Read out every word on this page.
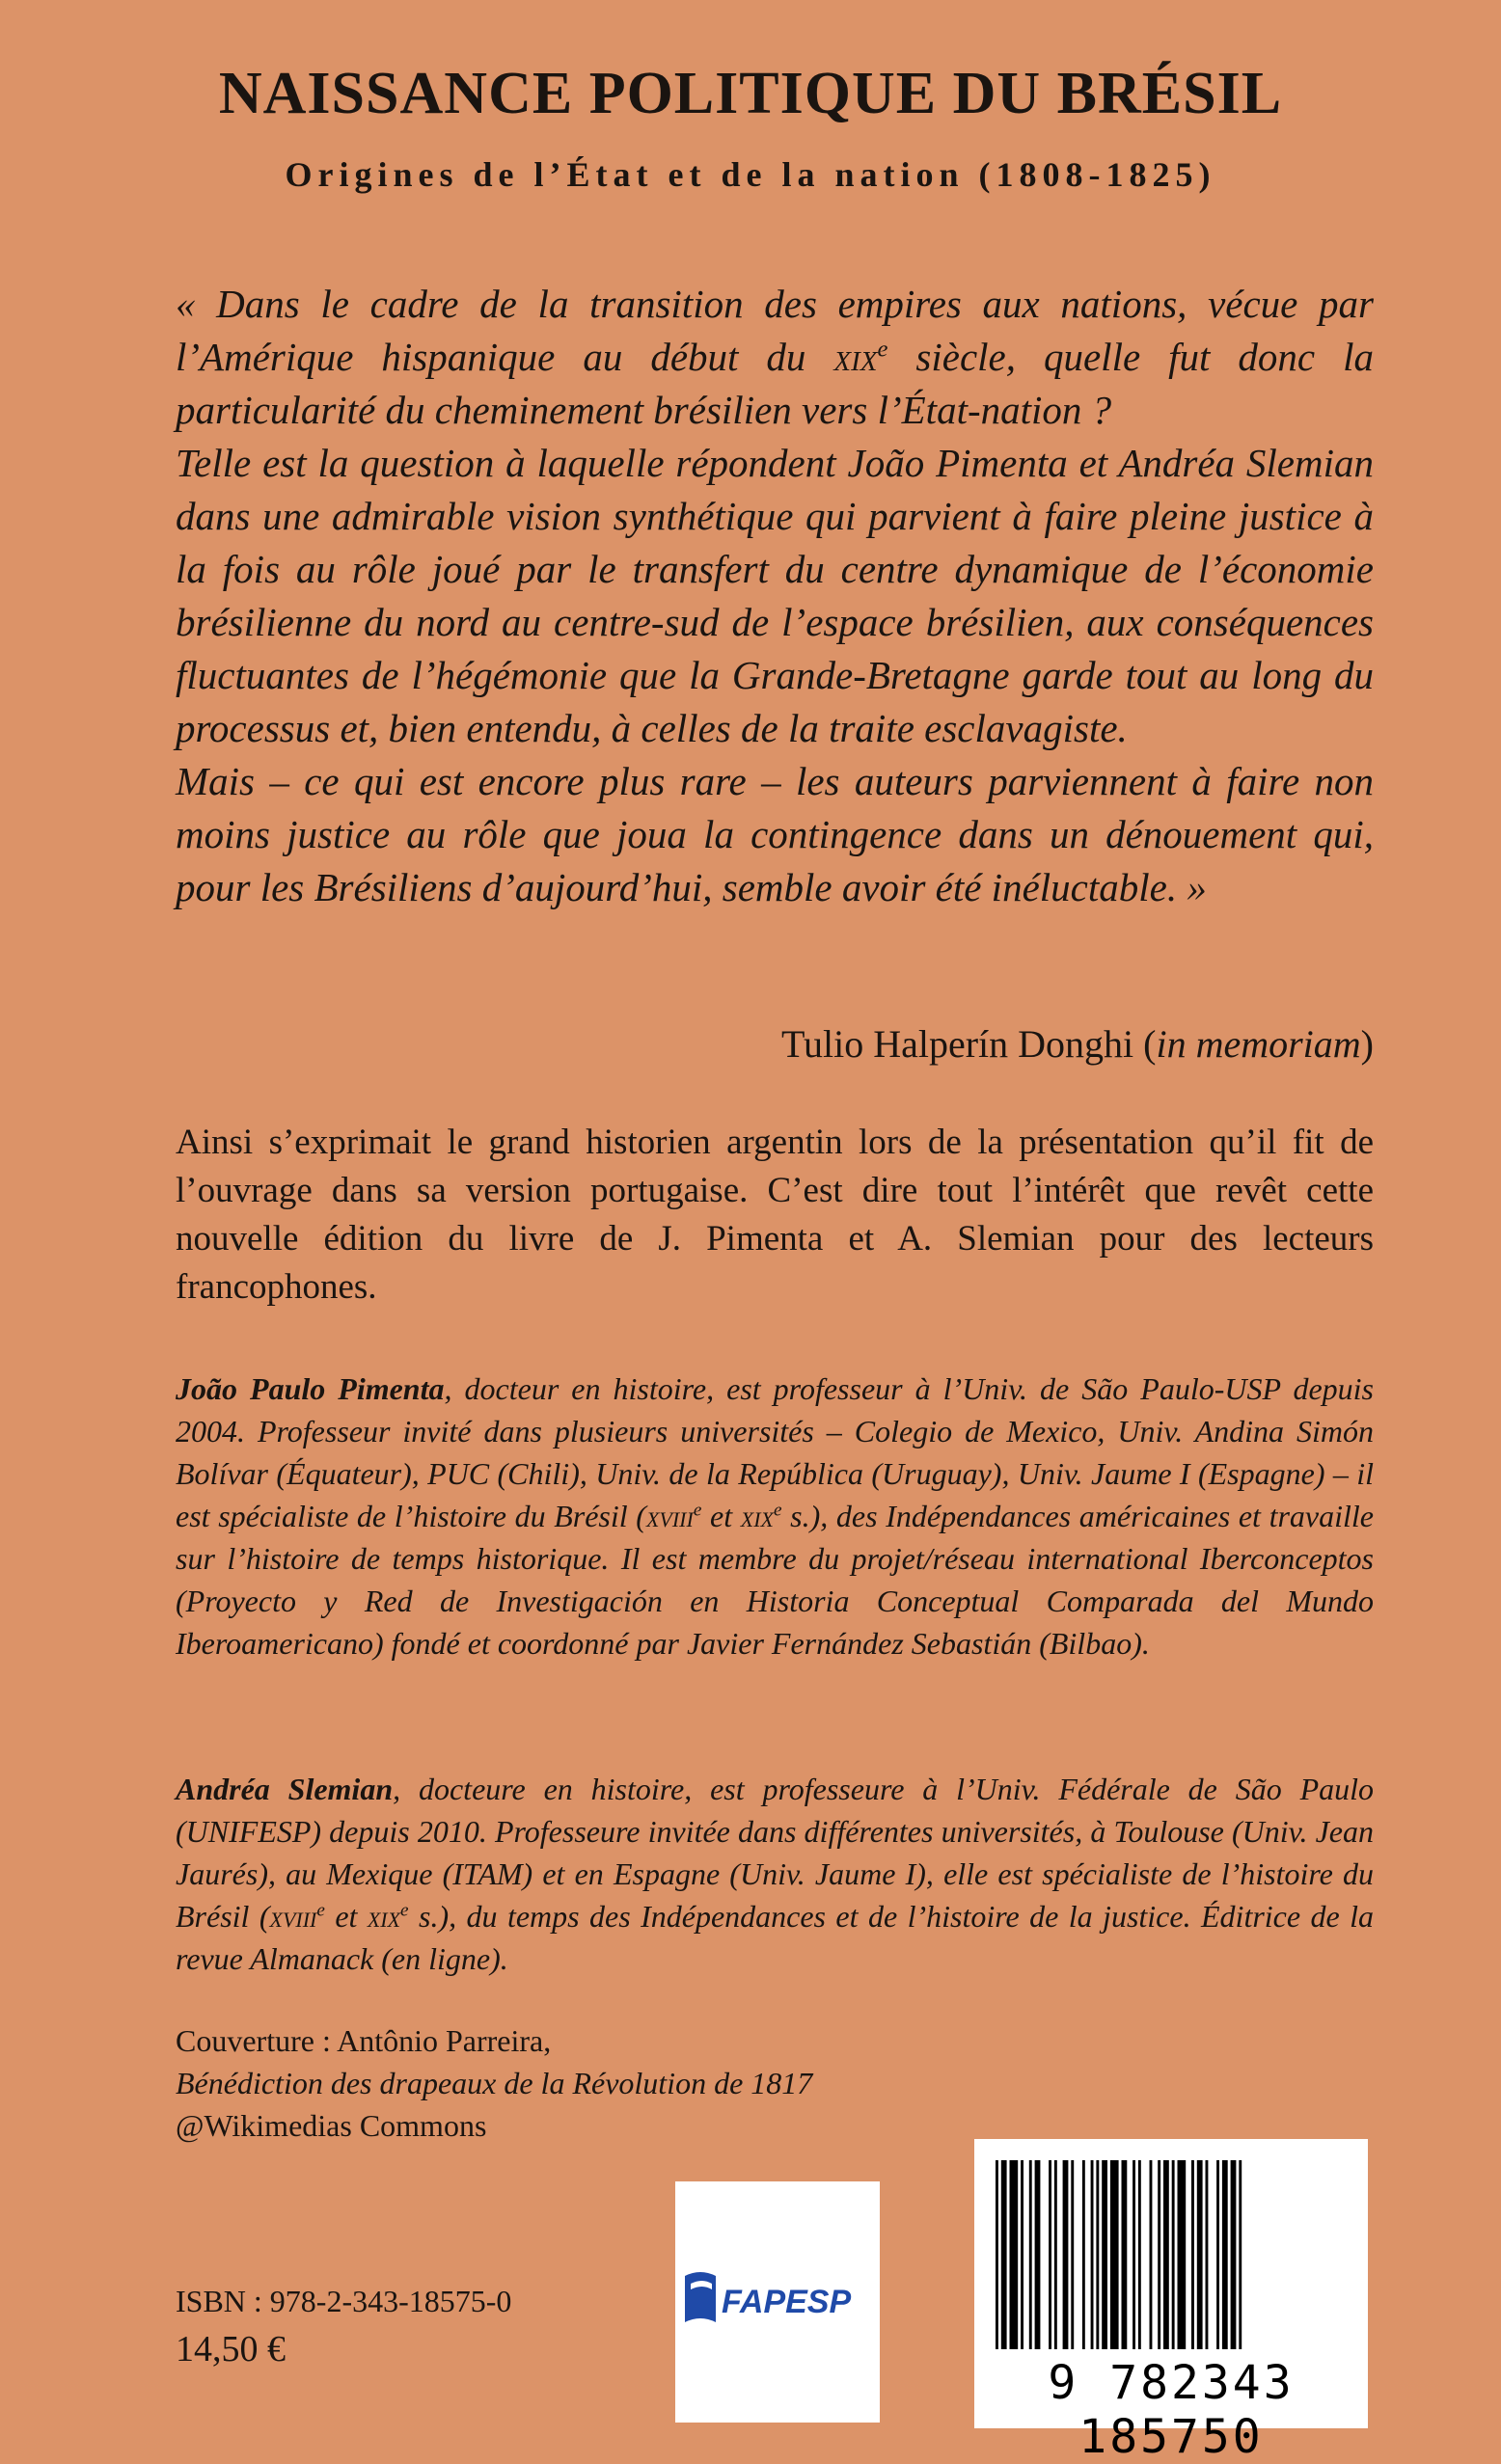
NAISSANCE POLITIQUE DU BRÉSIL
Origines de l’État et de la nation (1808-1825)

« Dans le cadre de la transition des empires aux nations, vécue par l’Amérique hispanique au début du xix$^e$ siècle, quelle fut donc la particularité du cheminement brésilien vers l’État-nation ?

Telle est la question à laquelle répondent João Pimenta et Andréa Slemian dans une admirable vision synthétique qui parvient à faire pleine justice à la fois au rôle joué par le transfert du centre dynamique de l’économie brésilienne du nord au centre-sud de l’espace brésilien, aux conséquences fluctuantes de l’hégémonie que la Grande-Bretagne garde tout au long du processus et, bien entendu, à celles de la traite esclavagiste.

Mais – ce qui est encore plus rare – les auteurs parviennent à faire non moins justice au rôle que joua la contingence dans un dénouement qui, pour les Brésiliens d’aujourd’hui, semble avoir été inéluctable. »

Tulio Halperín Donghi (in memoriam)

Ainsi s’exprimait le grand historien argentin lors de la présentation qu’il fit de l’ouvrage dans sa version portugaise. C’est dire tout l’intérêt que revêt cette nouvelle édition du livre de J. Pimenta et A. Slemian pour des lecteurs francophones.

João Paulo Pimenta, docteur en histoire, est professeur à l’Univ. de São Paulo-USP depuis 2004. Professeur invité dans plusieurs universités – Colegio de Mexico, Univ. Andina Simón Bolívar (Équateur), PUC (Chili), Univ. de la República (Uruguay), Univ. Jaume I (Espagne) – il est spécialiste de l’histoire du Brésil (xviii$^e$ et xix$^e$ s.), des Indépendances américaines et travaille sur l’histoire de temps historique. Il est membre du projet/réseau international Iberconceptos (Proyecto y Red de Investigación en Historia Conceptual Comparada del Mundo Iberoamericano) fondé et coordonné par Javier Fernández Sebastián (Bilbao).

Andréa Slemian, docteure en histoire, est professeure à l’Univ. Fédérale de São Paulo (UNIFESP) depuis 2010. Professeure invitée dans différentes universités, à Toulouse (Univ. Jean Jaurés), au Mexique (ITAM) et en Espagne (Univ. Jaume I), elle est spécialiste de l’histoire du Brésil (xviii$^e$ et xix$^e$ s.), du temps des Indépendances et de l’histoire de la justice. Éditrice de la revue Almanack (en ligne).

Couverture : Antônio Parreira,
Bénédiction des drapeaux de la Révolution de 1817
@Wikimedias Commons

ISBN : 978-2-343-18575-0

14,50 €

FAPESP

9 782343 185750
